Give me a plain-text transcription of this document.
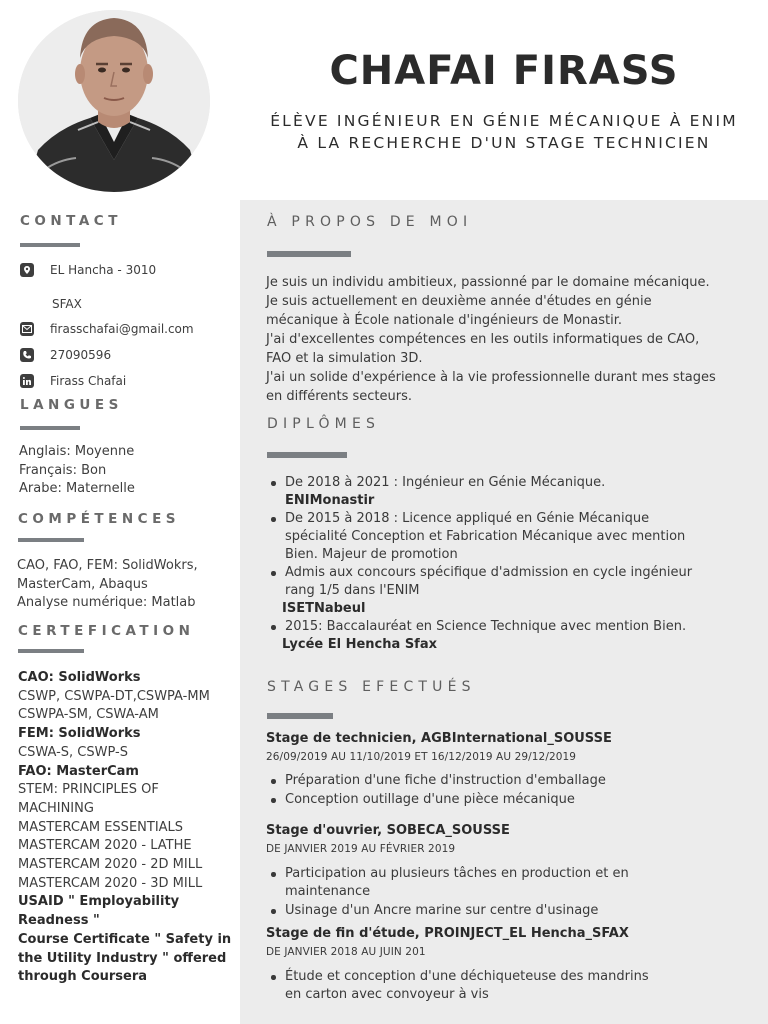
CHAFAI FIRASS
ÉLÈVE INGÉNIEUR EN GÉNIE MÉCANIQUE À ENIM
À LA RECHERCHE D'UN STAGE TECHNICIEN
CONTACT
EL Hancha - 3010
SFAX
firasschafai@gmail.com
27090596
Firass Chafai
LANGUES
Anglais: Moyenne
Français: Bon
Arabe: Maternelle
COMPÉTENCES
CAO, FAO, FEM: SolidWokrs,
MasterCam, Abaqus
Analyse numérique: Matlab
CERTEFICATION
CAO: SolidWorks
CSWP, CSWPA-DT,CSWPA-MM
CSWPA-SM, CSWA-AM
FEM: SolidWorks
CSWA-S, CSWP-S
FAO: MasterCam
STEM: PRINCIPLES OF
MACHINING
MASTERCAM ESSENTIALS
MASTERCAM 2020 - LATHE
MASTERCAM 2020 - 2D MILL
MASTERCAM 2020 - 3D MILL
USAID " Employability
Readness "
Course Certificate " Safety in
the Utility Industry " offered
through Coursera
À PROPOS DE MOI
Je suis un individu ambitieux, passionné par le domaine mécanique.
Je suis actuellement en deuxième année d'études en génie
mécanique à École nationale d'ingénieurs de Monastir.
J'ai d'excellentes compétences en les outils informatiques de CAO,
FAO et la simulation 3D.
J'ai un solide d'expérience à la vie professionnelle durant mes stages
en différents secteurs.
DIPLÔMES
De 2018 à 2021 : Ingénieur en Génie Mécanique.
ENIMonastir
De 2015 à 2018 : Licence appliqué en Génie Mécanique
spécialité Conception et Fabrication Mécanique avec mention
Bien. Majeur de promotion
Admis aux concours spécifique d'admission en cycle ingénieur
rang 1/5 dans l'ENIM
ISETNabeul
2015: Baccalauréat en Science Technique avec mention Bien.
Lycée El Hencha Sfax
STAGES EFECTUÉS
Stage de technicien, AGBInternational_SOUSSE
26/09/2019 AU 11/10/2019 ET 16/12/2019 AU 29/12/2019
Préparation d'une fiche d'instruction d'emballage
Conception outillage d'une pièce mécanique
Stage d'ouvrier, SOBECA_SOUSSE
DE JANVIER 2019 AU FÉVRIER 2019
Participation au plusieurs tâches en production et en
maintenance
Usinage d'un Ancre marine sur centre d'usinage
Stage de fin d'étude, PROINJECT_EL Hencha_SFAX
DE JANVIER 2018 AU JUIN 201
Étude et conception d'une déchiqueteuse des mandrins
en carton avec convoyeur à vis
